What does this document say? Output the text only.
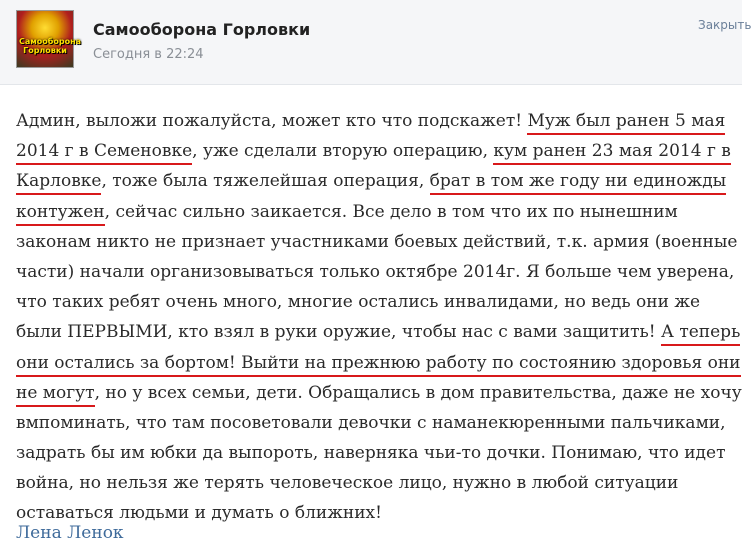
Самооборона Горловки
Самооборона Горловки
Сегодня в 22:24
Закрыть
Админ, выложи пожалуйста, может кто что подскажет! Муж был ранен 5 мая
2014 г в Семеновке, уже сделали вторую операцию, кум ранен 23 мая 2014 г в
Карловке, тоже была тяжелейшая операция, брат в том же году ни единожды
контужен, сейчас сильно заикается. Все дело в том что их по нынешним
законам никто не признает участниками боевых действий, т.к. армия (военные
части) начали организовываться только октябре 2014г. Я больше чем уверена,
что таких ребят очень много, многие остались инвалидами, но ведь они же
были ПЕРВЫМИ, кто взял в руки оружие, чтобы нас с вами защитить! А теперь
они остались за бортом! Выйти на прежнюю работу по состоянию здоровья они
не могут, но у всех семьи, дети. Обращались в дом правительства, даже не хочу
вмпоминать, что там посоветовали девочки с наманекюренными пальчиками,
задрать бы им юбки да выпороть, наверняка чьи-то дочки. Понимаю, что идет
война, но нельзя же терять человеческое лицо, нужно в любой ситуации
оставаться людьми и думать о ближних!
Лена Ленок
